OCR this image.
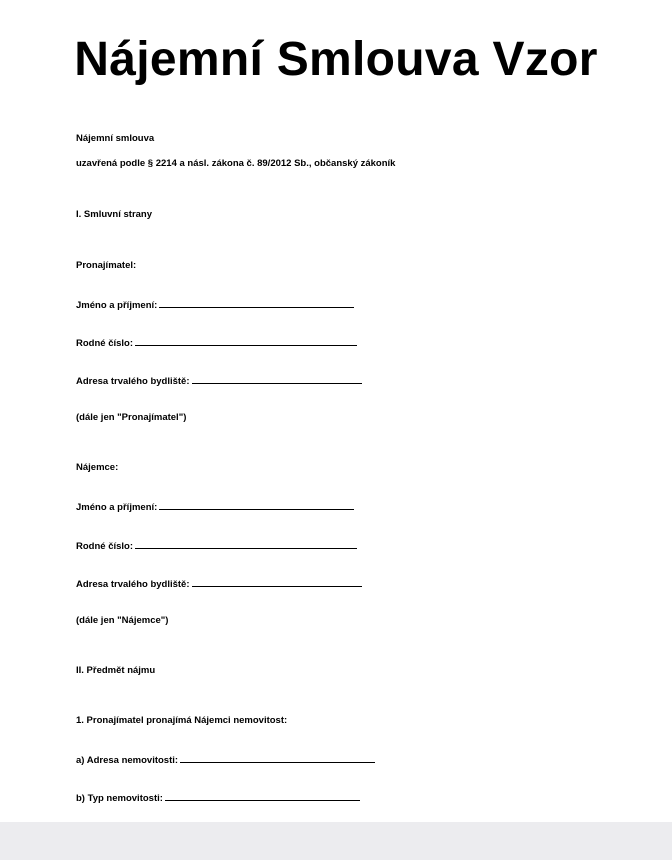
Nájemní Smlouva Vzor
Nájemní smlouva
uzavřená podle § 2214 a násl. zákona č. 89/2012 Sb., občanský zákoník
I. Smluvní strany
Pronajímatel:
Jméno a příjmení:
Rodné číslo:
Adresa trvalého bydliště:
(dále jen "Pronajímatel")
Nájemce:
Jméno a příjmení:
Rodné číslo:
Adresa trvalého bydliště:
(dále jen "Nájemce")
II. Předmět nájmu
1. Pronajímatel pronajímá Nájemci nemovitost:
a) Adresa nemovitosti:
b) Typ nemovitosti:
